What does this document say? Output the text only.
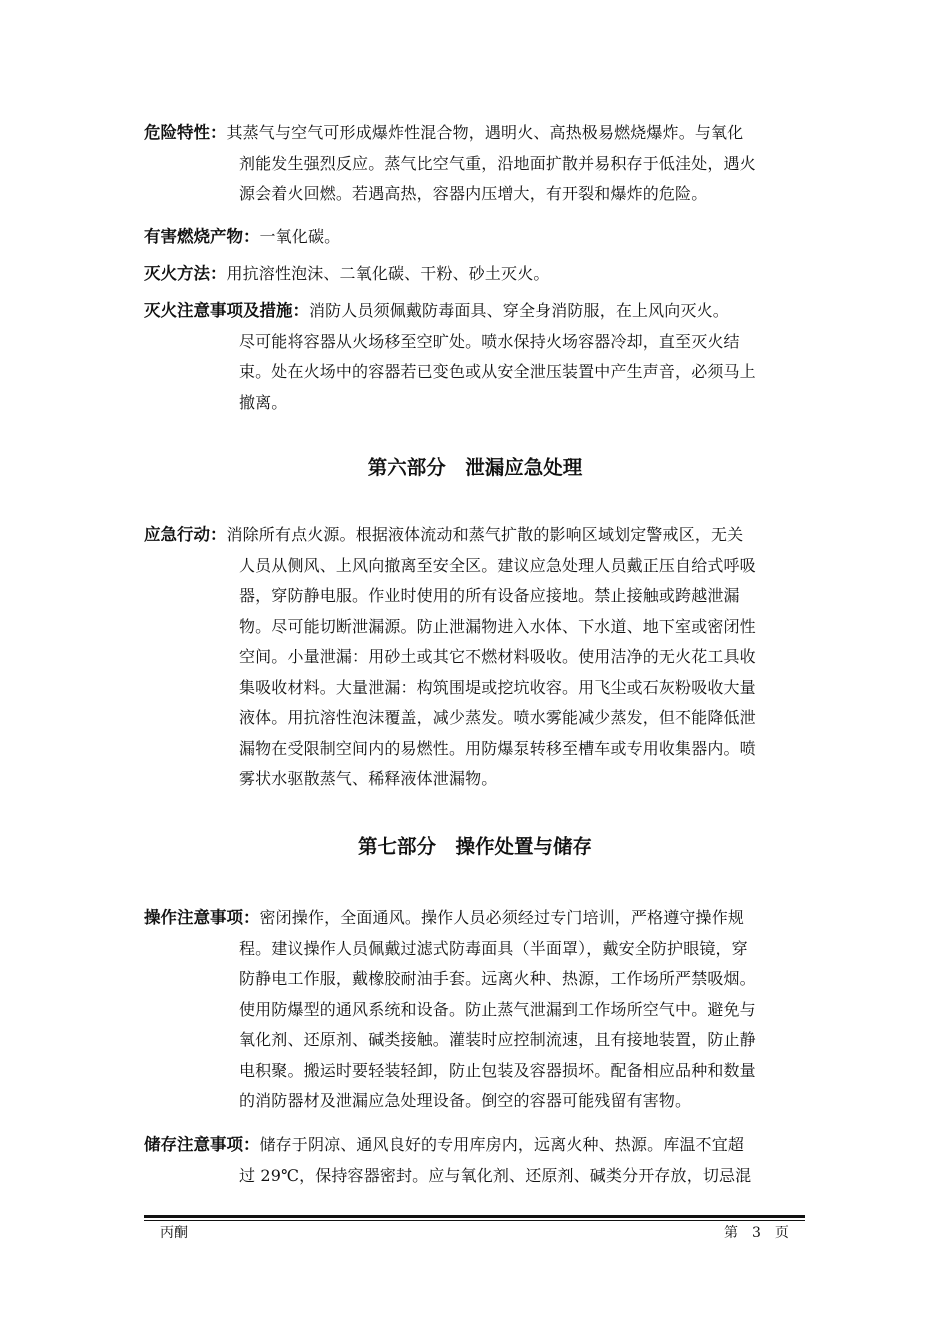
危险特性：其蒸气与空气可形成爆炸性混合物，遇明火、高热极易燃烧爆炸。与氧化
剂能发生强烈反应。蒸气比空气重，沿地面扩散并易积存于低洼处，遇火
源会着火回燃。若遇高热，容器内压增大，有开裂和爆炸的危险。
有害燃烧产物：一氧化碳。
灭火方法：用抗溶性泡沫、二氧化碳、干粉、砂土灭火。
灭火注意事项及措施：消防人员须佩戴防毒面具、穿全身消防服，在上风向灭火。
尽可能将容器从火场移至空旷处。喷水保持火场容器冷却，直至灭火结
束。处在火场中的容器若已变色或从安全泄压装置中产生声音，必须马上
撤离。
第六部分　泄漏应急处理
应急行动：消除所有点火源。根据液体流动和蒸气扩散的影响区域划定警戒区，无关
人员从侧风、上风向撤离至安全区。建议应急处理人员戴正压自给式呼吸
器，穿防静电服。作业时使用的所有设备应接地。禁止接触或跨越泄漏
物。尽可能切断泄漏源。防止泄漏物进入水体、下水道、地下室或密闭性
空间。小量泄漏：用砂土或其它不燃材料吸收。使用洁净的无火花工具收
集吸收材料。大量泄漏：构筑围堤或挖坑收容。用飞尘或石灰粉吸收大量
液体。用抗溶性泡沫覆盖，减少蒸发。喷水雾能减少蒸发，但不能降低泄
漏物在受限制空间内的易燃性。用防爆泵转移至槽车或专用收集器内。喷
雾状水驱散蒸气、稀释液体泄漏物。
第七部分　操作处置与储存
操作注意事项：密闭操作，全面通风。操作人员必须经过专门培训，严格遵守操作规
程。建议操作人员佩戴过滤式防毒面具（半面罩），戴安全防护眼镜，穿
防静电工作服，戴橡胶耐油手套。远离火种、热源，工作场所严禁吸烟。
使用防爆型的通风系统和设备。防止蒸气泄漏到工作场所空气中。避免与
氧化剂、还原剂、碱类接触。灌装时应控制流速，且有接地装置，防止静
电积聚。搬运时要轻装轻卸，防止包装及容器损坏。配备相应品种和数量
的消防器材及泄漏应急处理设备。倒空的容器可能残留有害物。
储存注意事项：储存于阴凉、通风良好的专用库房内，远离火种、热源。库温不宜超
过 29℃，保持容器密封。应与氧化剂、还原剂、碱类分开存放，切忌混
丙酮	第 3 页
